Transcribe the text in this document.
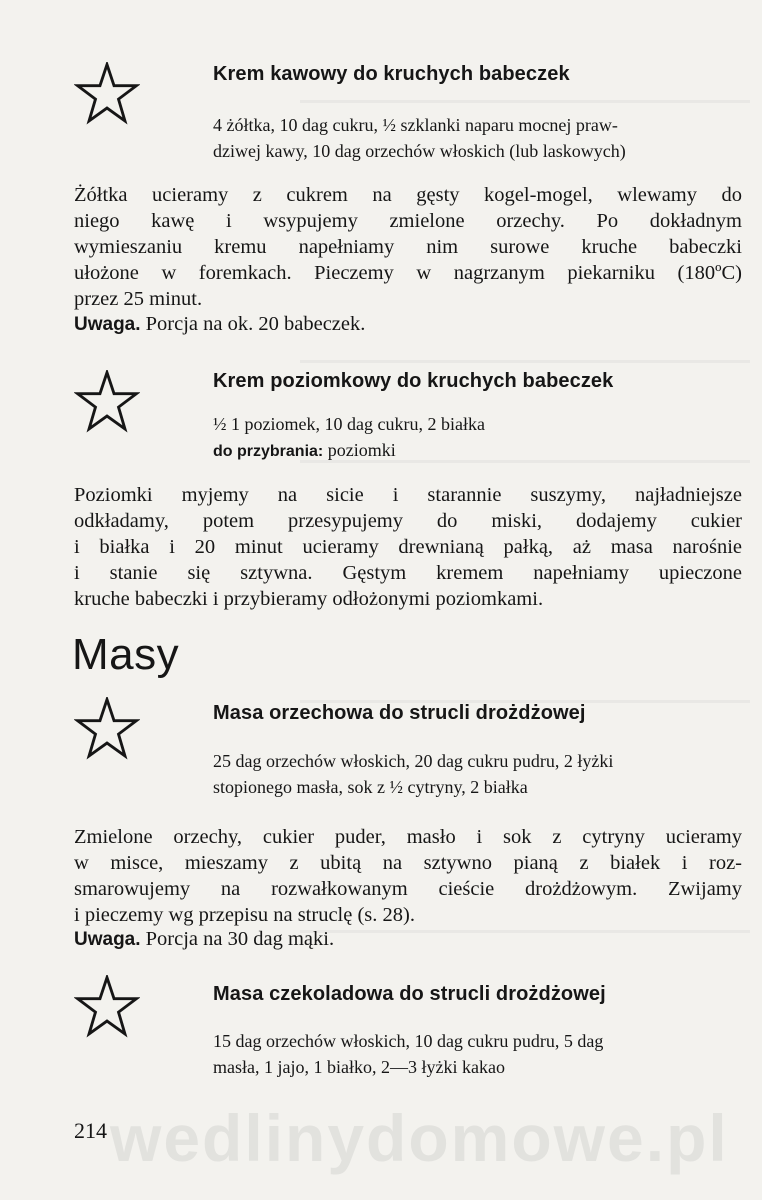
Krem kawowy do kruchych babeczek
4 żółtka, 10 dag cukru, ½ szklanki naparu mocnej praw-
dziwej kawy, 10 dag orzechów włoskich (lub laskowych)
Żółtka ucieramy z cukrem na gęsty kogel-mogel, wlewamy do
niego kawę i wsypujemy zmielone orzechy. Po dokładnym
wymieszaniu kremu napełniamy nim surowe kruche babeczki
ułożone w foremkach. Pieczemy w nagrzanym piekarniku (180ºC)
przez 25 minut.
Uwaga. Porcja na ok. 20 babeczek.
Krem poziomkowy do kruchych babeczek
½ 1 poziomek, 10 dag cukru, 2 białka
do przybrania: poziomki
Poziomki myjemy na sicie i starannie suszymy, najładniejsze
odkładamy, potem przesypujemy do miski, dodajemy cukier
i białka i 20 minut ucieramy drewnianą pałką, aż masa narośnie
i stanie się sztywna. Gęstym kremem napełniamy upieczone
kruche babeczki i przybieramy odłożonymi poziomkami.
Masy
Masa orzechowa do strucli drożdżowej
25 dag orzechów włoskich, 20 dag cukru pudru, 2 łyżki
stopionego masła, sok z ½ cytryny, 2 białka
Zmielone orzechy, cukier puder, masło i sok z cytryny ucieramy
w misce, mieszamy z ubitą na sztywno pianą z białek i roz-
smarowujemy na rozwałkowanym cieście drożdżowym. Zwijamy
i pieczemy wg przepisu na struclę (s. 28).
Uwaga. Porcja na 30 dag mąki.
Masa czekoladowa do strucli drożdżowej
15 dag orzechów włoskich, 10 dag cukru pudru, 5 dag
masła, 1 jajo, 1 białko, 2—3 łyżki kakao
wedlinydomowe.pl
214
